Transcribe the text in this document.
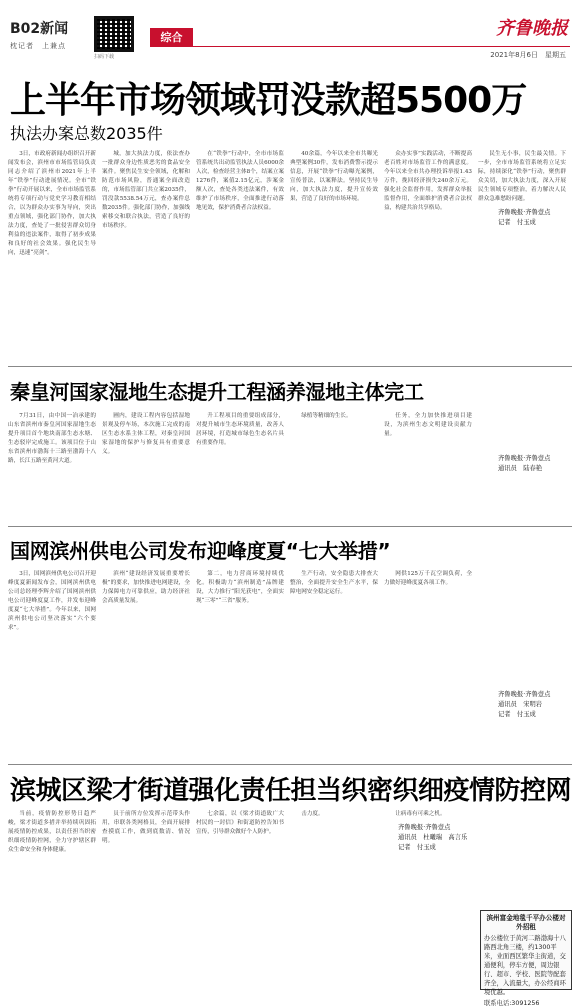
B02新闻
枕记者　上兼点
扫码下载
综合	齐鲁晚报
2021年8月6日　星期五
上半年市场领域罚没款超5500万
执法办案总数2035件

3日，市政府新闻办组织召开新闻发布会，滨州市市场监管局负责同志介绍了滨州市2021年上半年“铁拳”行动进展情况。全市“铁拳”行动开展以来，全市市场监管系统将专项行动与党史学习教育相结合，以为群众办实事为导向，突出重点领域，强化部门协作，加大执法力度，查处了一批侵害群众切身利益的违法案件，取得了初步成果和良好的社会效果。强化民生导向，迅速“亮剑”。

城，加大执法力度，依法查办一批群众身边性质恶劣的食品安全案件。聚焦民生安全领域，化解和防范市场风险，普通案全面改造的，市场监管部门共立案2035件，罚没款5538.54万元，查办案件总数2035件。强化部门协作，加强线索移交和联合执法，营造了良好的市场秩序。

在“铁拳”行动中，全市市场监管系统共出动监管执法人员6000余人次，检查经营主体8个，结案立案1276件，案值2.15亿元，涉案金额人次，查处各类违法案件，有效维护了市场秩序，全面推进行动落地见效，保护消费者合法权益。

40余篇，今年以来全市共曝光典型案例30件，发布消费警示提示信息，开展“铁拳”行动曝光案例，宣传普法，以案释法。坚持民生导向，加大执法力度，提升宣传效果，营造了良好的市场环境。

众办实事”实践活动，不断提高老百姓对市场监管工作的满意度。今年以来全市共办理投诉举报1.43万件，挽回经济损失240余万元。强化社会监督作用，发挥群众举报监督作用，全面维护消费者合法权益，构建共治共享格局。

民生无小事，民生最关情。下一步，全市市场监管系统将立足实际，持续深化“铁拳”行动，聚焦群众关切，加大执法力度，深入开展民生领域专项整治，着力解决人民群众急难愁盼问题。

齐鲁晚报·齐鲁壹点
记者　付玉成
秦皇河国家湿地生态提升工程涵养湿地主体完工

7月31日，由中国一冶承建的山东省滨州市秦皇河国家湿地生态提升项目首个地块南部生态水塘、生态驳岸完成施工。该项目位于山东省滨州市渤海十三路至渤海十八路，长江五路至黄河大道。

圃内，建设工程内容包括湿地景观及停车场，本次施工完成的南区生态水系主体工程，对秦皇河国家湿地的保护与修复具有重要意义。

升工程项目的重要组成部分，对提升城市生态环境质量，改善人居环境，打造城市绿色生态名片具有重要作用。

绿植等精细的生长。	任务，全力加快推进项目建设，为滨州生态文明建设贡献力量。

齐鲁晚报·齐鲁壹点
通讯员　陆春艳
国网滨州供电公司发布迎峰度夏“七大举措”

3日，国网滨州供电公司召开迎峰度夏新闻发布会，国网滨州供电公司总经理李辉介绍了国网滨州供电公司迎峰度夏工作，并发布迎峰度夏“七大举措”。今年以来，国网滨州供电公司坚决落实“六个要求”。

滨州“建设经济发展重要增长极”的要求，加快推进电网建设，全力保障电力可靠供应，助力经济社会高质量发展。

第二，电力营商环境持续优化。积极助力“滨州制造”品牌建设，大力推行“阳光获电”，全面实现“三零”“三省”服务。

生产行动，安全隐患大排查大整治，全面提升安全生产水平，保障电网安全稳定运行。

网供125万千瓦空调负荷，全力做好迎峰度夏各项工作。

齐鲁晚报·齐鲁壹点
通讯员　宋明岩
记者　付玉成
滨城区梁才街道强化责任担当织密织细疫情防控网

当前，疫情防控形势日趋严峻，梁才街道多措并举持续巩固拓展疫情防控成果，以责任担当织密织细疫情防控网，全力守护辖区群众生命安全和身体健康。

员于前所方位发挥示范带头作用，串联各类网格员，全面开展排查摸底工作，做到底数清、情况明。

七余篇，以《梁才街道致广大村民的一封信》和街道防控告知书宣传，引导群众做好个人防护。

击力度。	让病毒有可乘之机。

齐鲁晚报·齐鲁壹点
通讯员　杜曦瑞　高言乐
记者　付玉成
滨州富金地毯千平办公楼对外招租
办公楼位于黄河二路渤海十八路西北角三楼，约1300平米，业面西区繁华主街道，交通便利，停车方便，周边银行、超市、学校、医院等配套齐全，入流量大，办公经商环境优越。
联系电话:3091256
